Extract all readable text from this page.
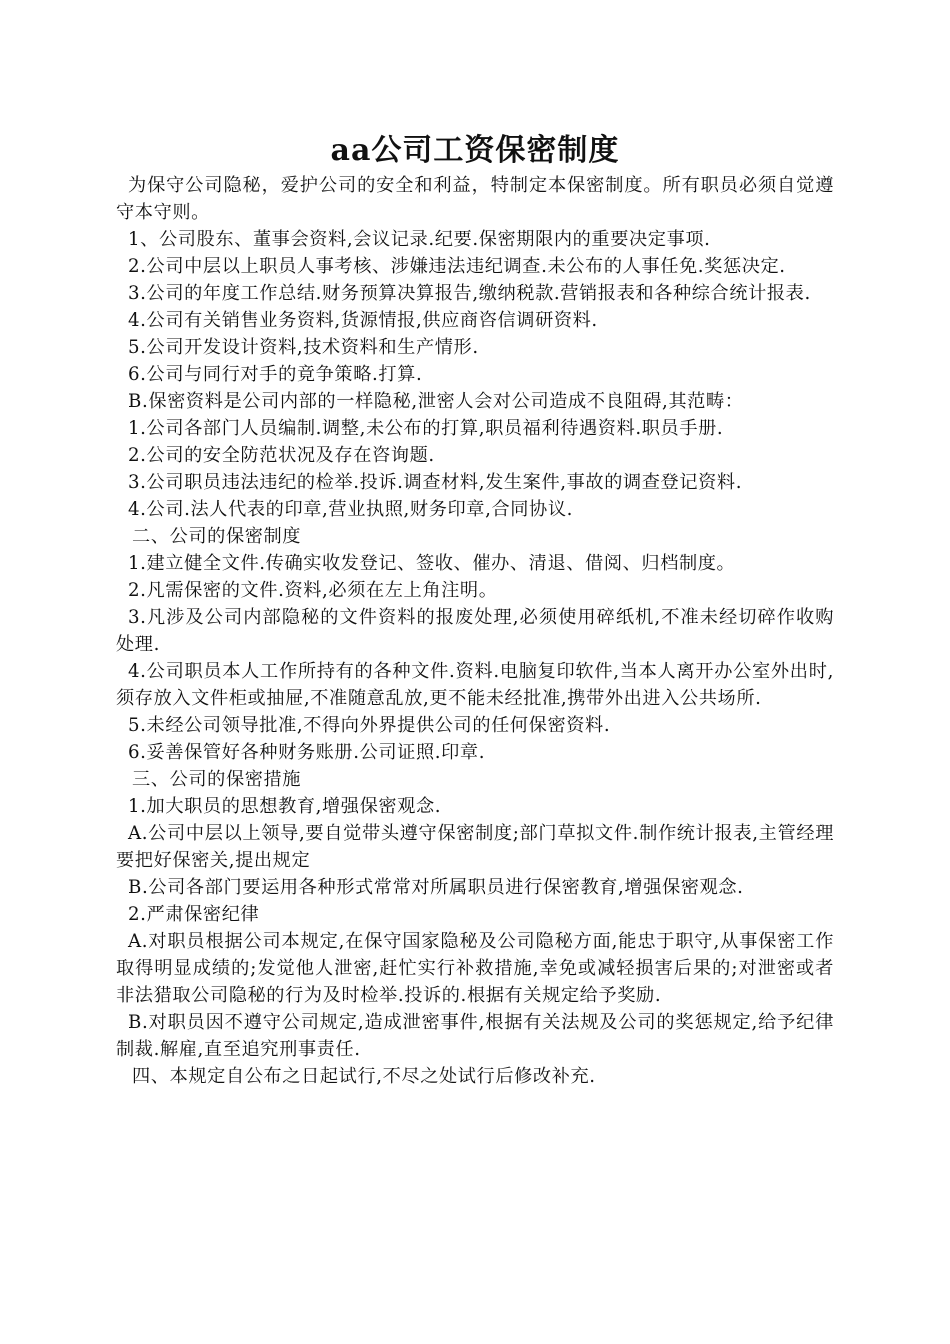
aa公司工资保密制度

为保守公司隐秘，爱护公司的安全和利益，特制定本保密制度。所有职员必须自觉遵守本守则。

1、公司股东、董事会资料,会议记录.纪要.保密期限内的重要决定事项.

2.公司中层以上职员人事考核、涉嫌违法违纪调查.未公布的人事任免.奖惩决定.

3.公司的年度工作总结.财务预算决算报告,缴纳税款.营销报表和各种综合统计报表.

4.公司有关销售业务资料,货源情报,供应商咨信调研资料.

5.公司开发设计资料,技术资料和生产情形.

6.公司与同行对手的竟争策略.打算.

B.保密资料是公司内部的一样隐秘,泄密人会对公司造成不良阻碍,其范畴：

1.公司各部门人员编制.调整,未公布的打算,职员福利待遇资料.职员手册.

2.公司的安全防范状况及存在咨询题.

3.公司职员违法违纪的检举.投诉.调查材料,发生案件,事故的调查登记资料.

4.公司.法人代表的印章,营业执照,财务印章,合同协议.

二、公司的保密制度

1.建立健全文件.传确实收发登记、签收、催办、清退、借阅、归档制度。

2.凡需保密的文件.资料,必须在左上角注明。

3.凡涉及公司内部隐秘的文件资料的报废处理,必须使用碎纸机,不准未经切碎作收购处理.

4.公司职员本人工作所持有的各种文件.资料.电脑复印软件,当本人离开办公室外出时,须存放入文件柜或抽屉,不准随意乱放,更不能未经批准,携带外出进入公共场所.

5.未经公司领导批准,不得向外界提供公司的任何保密资料.

6.妥善保管好各种财务账册.公司证照.印章.

三、公司的保密措施

1.加大职员的思想教育,增强保密观念.

A.公司中层以上领导,要自觉带头遵守保密制度;部门草拟文件.制作统计报表,主管经理要把好保密关,提出规定

B.公司各部门要运用各种形式常常对所属职员进行保密教育,增强保密观念.

2.严肃保密纪律

A.对职员根据公司本规定,在保守国家隐秘及公司隐秘方面,能忠于职守,从事保密工作取得明显成绩的;发觉他人泄密,赶忙实行补救措施,幸免或减轻损害后果的;对泄密或者非法猎取公司隐秘的行为及时检举.投诉的.根据有关规定给予奖励.

B.对职员因不遵守公司规定,造成泄密事件,根据有关法规及公司的奖惩规定,给予纪律制裁.解雇,直至追究刑事责任.

四、本规定自公布之日起试行,不尽之处试行后修改补充.
